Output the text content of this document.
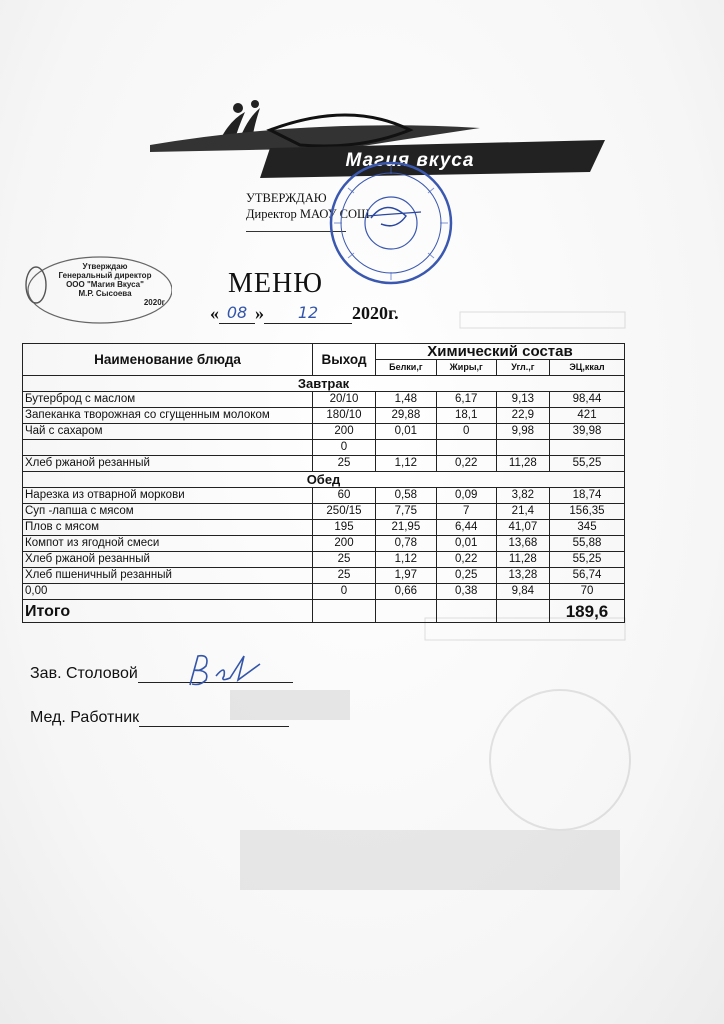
Магия вкуса
УТВЕРЖДАЮ
Директор МАОУ СОШ
Утверждаю
Генеральный директор
ООО "Магия Вкуса"
М.Р. Сысоева
2020г
МЕНЮ
« 08 » 12 2020г.
Наименование блюда	Выход	Химический состав			
		Белки,г	Жиры,г	Угл.,г	ЭЦ,ккал
Завтрак					
Бутерброд с маслом	20/10	1,48	6,17	9,13	98,44
Запеканка творожная со сгущенным молоком	180/10	29,88	18,1	22,9	421
Чай с сахаром	200	0,01	0	9,98	39,98
	0				
Хлеб ржаной резанный	25	1,12	0,22	11,28	55,25
Обед					
Нарезка из отварной моркови	60	0,58	0,09	3,82	18,74
Суп -лапша с мясом	250/15	7,75	7	21,4	156,35
Плов с мясом	195	21,95	6,44	41,07	345
Компот из ягодной смеси	200	0,78	0,01	13,68	55,88
Хлеб ржаной резанный	25	1,12	0,22	11,28	55,25
Хлеб пшеничный резанный	25	1,97	0,25	13,28	56,74
0,00	0	0,66	0,38	9,84	70
Итого					189,6
Зав. Столовой
Мед. Работник
